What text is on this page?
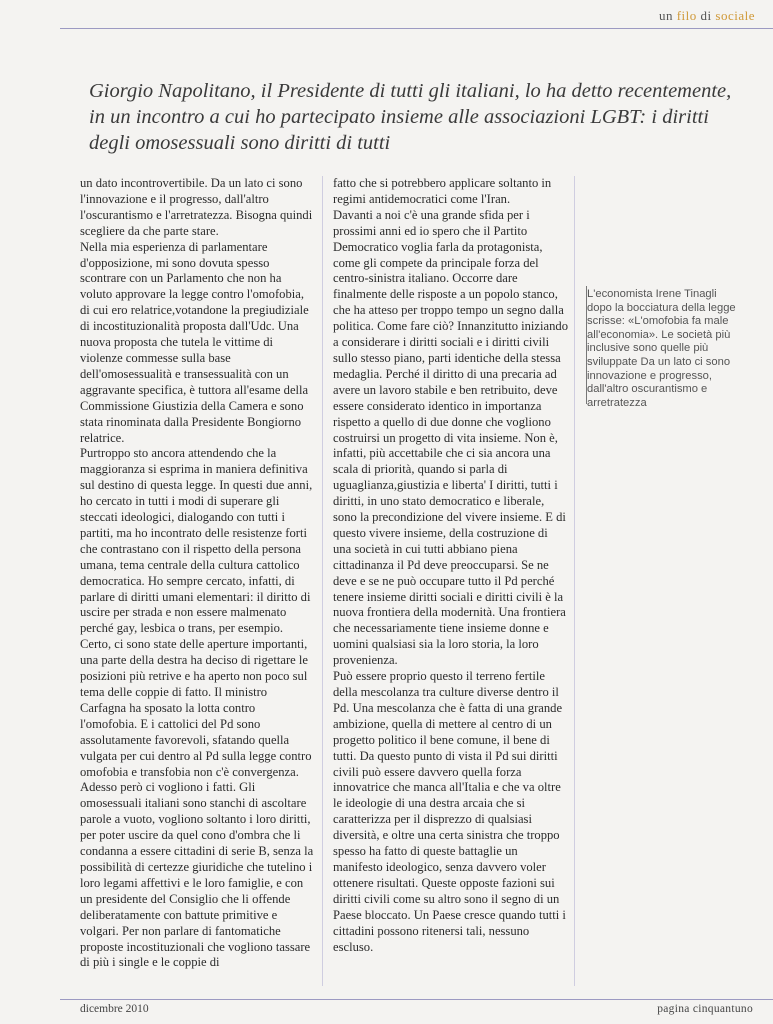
un filo di sociale
Giorgio Napolitano, il Presidente di tutti gli italiani, lo ha detto recentemente, in un incontro a cui ho partecipato insieme alle associazioni LGBT: i diritti degli omosessuali sono diritti di tutti

un dato incontrovertibile. Da un lato ci sono l'innovazione e il progresso, dall'altro l'oscurantismo e l'arretratezza. Bisogna quindi scegliere da che parte stare.

Nella mia esperienza di parlamentare d'opposizione, mi sono dovuta spesso scontrare con un Parlamento che non ha voluto approvare la legge contro l'omofobia, di cui ero relatrice,votandone la pregiudiziale di incostituzionalità proposta dall'Udc. Una nuova proposta che tutela le vittime di violenze commesse sulla base dell'omosessualità e transessualità con un aggravante specifica, è tuttora all'esame della Commissione Giustizia della Camera e sono stata rinominata dalla Presidente Bongiorno relatrice.

Purtroppo sto ancora attendendo che la maggioranza si esprima in maniera definitiva sul destino di questa legge. In questi due anni, ho cercato in tutti i modi di superare gli steccati ideologici, dialogando con tutti i partiti, ma ho incontrato delle resistenze forti che contrastano con il rispetto della persona umana, tema centrale della cultura cattolico democratica. Ho sempre cercato, infatti, di parlare di diritti umani elementari: il diritto di uscire per strada e non essere malmenato perché gay, lesbica o trans, per esempio.

Certo, ci sono state delle aperture importanti, una parte della destra ha deciso di rigettare le posizioni più retrive e ha aperto non poco sul tema delle coppie di fatto. Il ministro Carfagna ha sposato la lotta contro l'omofobia. E i cattolici del Pd sono assolutamente favorevoli, sfatando quella vulgata per cui dentro al Pd sulla legge contro omofobia e transfobia non c'è convergenza.

Adesso però ci vogliono i fatti. Gli omosessuali italiani sono stanchi di ascoltare parole a vuoto, vogliono soltanto i loro diritti, per poter uscire da quel cono d'ombra che li condanna a essere cittadini di serie B, senza la possibilità di certezze giuridiche che tutelino i loro legami affettivi e le loro famiglie, e con un presidente del Consiglio che li offende deliberatamente con battute primitive e volgari. Per non parlare di fantomatiche proposte incostituzionali che vogliono tassare di più i single e le coppie di

fatto che si potrebbero applicare soltanto in regimi antidemocratici come l'Iran.

Davanti a noi c'è una grande sfida per i prossimi anni ed io spero che il Partito Democratico voglia farla da protagonista, come gli compete da principale forza del centro-sinistra italiano. Occorre dare finalmente delle risposte a un popolo stanco, che ha atteso per troppo tempo un segno dalla politica. Come fare ciò? Innanzitutto iniziando a considerare i diritti sociali e i diritti civili sullo stesso piano, parti identiche della stessa medaglia. Perché il diritto di una precaria ad avere un lavoro stabile e ben retribuito, deve essere considerato identico in importanza rispetto a quello di due donne che vogliono costruirsi un progetto di vita insieme. Non è, infatti, più accettabile che ci sia ancora una scala di priorità, quando si parla di uguaglianza,giustizia e liberta' I diritti, tutti i diritti, in uno stato democratico e liberale, sono la precondizione del vivere insieme. E di questo vivere insieme, della costruzione di una società in cui tutti abbiano piena cittadinanza il Pd deve preoccuparsi. Se ne deve e se ne può occupare tutto il Pd perché tenere insieme diritti sociali e diritti civili è la nuova frontiera della modernità. Una frontiera che necessariamente tiene insieme donne e uomini qualsiasi sia la loro storia, la loro provenienza.

Può essere proprio questo il terreno fertile della mescolanza tra culture diverse dentro il Pd. Una mescolanza che è fatta di una grande ambizione, quella di mettere al centro di un progetto politico il bene comune, il bene di tutti. Da questo punto di vista il Pd sui diritti civili può essere davvero quella forza innovatrice che manca all'Italia e che va oltre le ideologie di una destra arcaia che si caratterizza per il disprezzo di qualsiasi diversità, e oltre una certa sinistra che troppo spesso ha fatto di queste battaglie un manifesto ideologico, senza davvero voler ottenere risultati. Queste opposte fazioni sui diritti civili come su altro sono il segno di un Paese bloccato. Un Paese cresce quando tutti i cittadini possono ritenersi tali, nessuno escluso.

L'economista Irene Tinagli dopo la bocciatura della legge scrisse: «L'omofobia fa male all'economia». Le società più inclusive sono quelle più sviluppate Da un lato ci sono innovazione e progresso, dall'altro oscurantismo e arretratezza
dicembre 2010	pagina cinquantuno
